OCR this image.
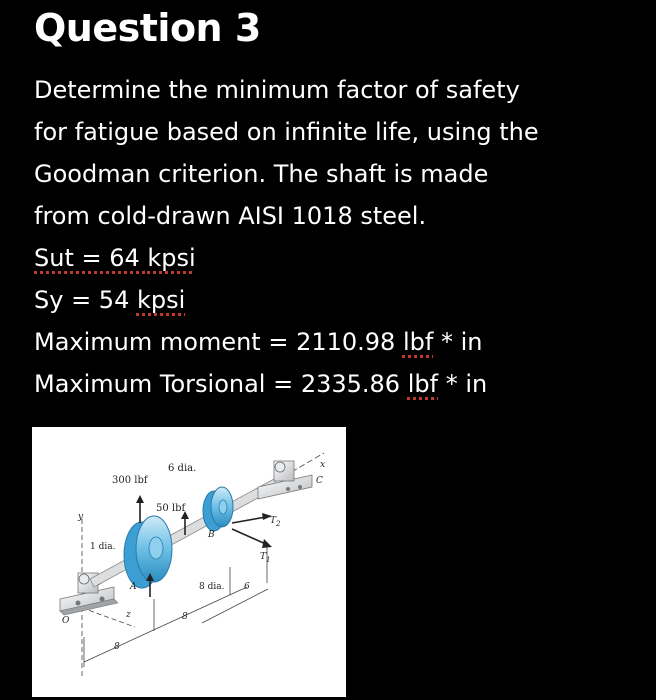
Question 3
Determine the minimum factor of safety
for fatigue based on infinite life, using the
Goodman criterion. The shaft is made
from cold-drawn AISI 1018 steel.
Sut = 64 kpsi
Sy = 54 kpsi
Maximum moment = 2110.98 lbf * in
Maximum Torsional = 2335.86 lbf * in
6 dia.
300 lbf
50 lbf
1 dia.
8 dia.
A
B
C
O
x
y
z
$T_2$
$T_1$
8
8
6
